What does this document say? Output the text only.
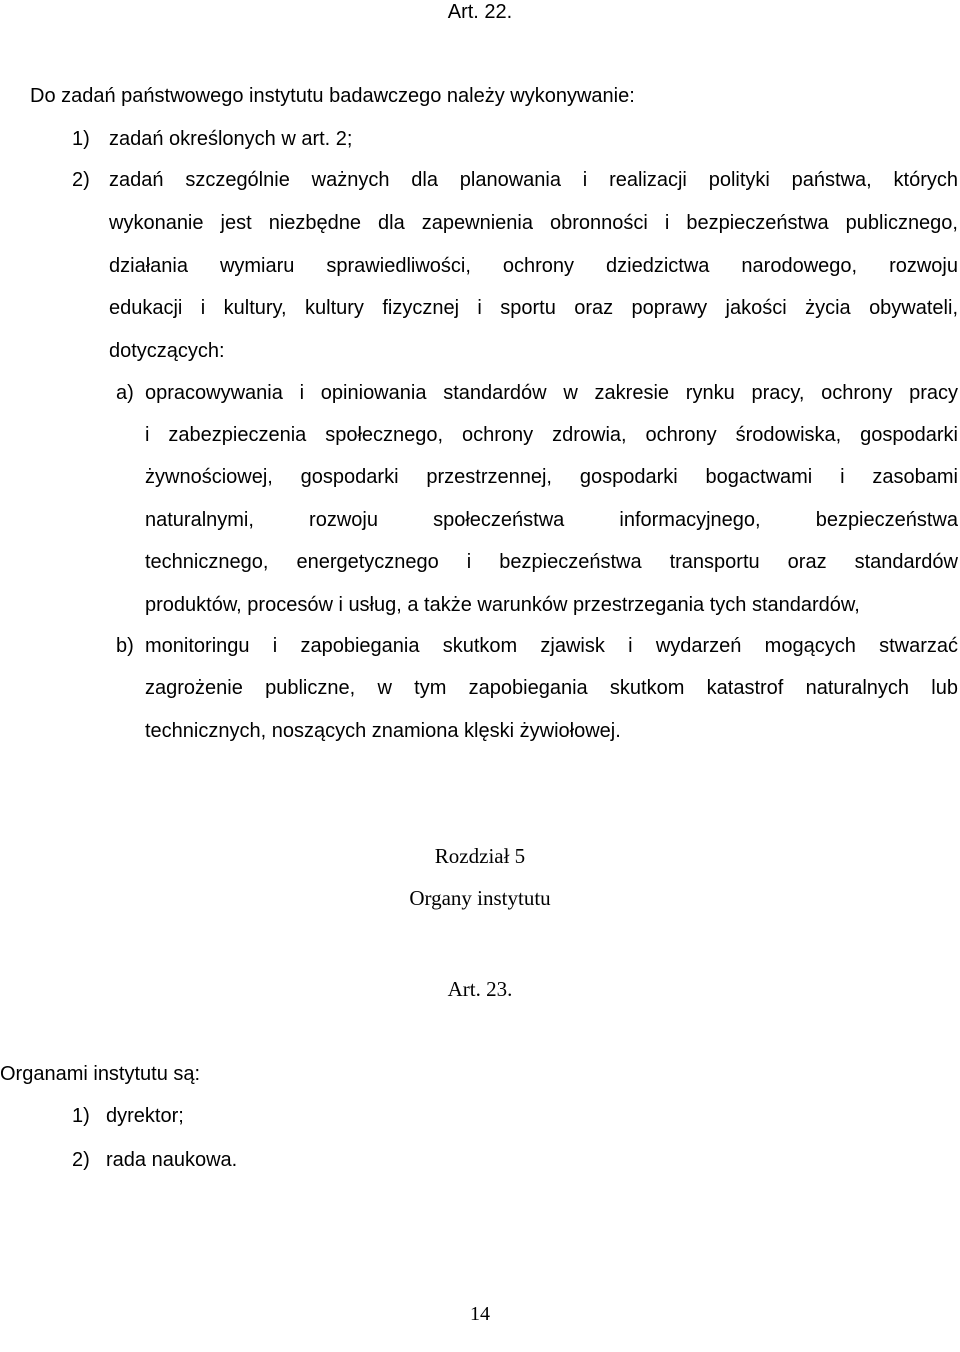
Art. 22.
Do zadań państwowego instytutu badawczego należy wykonywanie:
1) zadań określonych w art. 2;
2) zadań szczególnie ważnych dla planowania i realizacji polityki państwa, których
wykonanie jest niezbędne dla zapewnienia obronności i bezpieczeństwa publicznego,
działania wymiaru sprawiedliwości, ochrony dziedzictwa narodowego, rozwoju
edukacji i kultury, kultury fizycznej i sportu oraz poprawy jakości życia obywateli,
dotyczących:
a) opracowywania i opiniowania standardów w zakresie rynku pracy, ochrony pracy
i zabezpieczenia społecznego, ochrony zdrowia, ochrony środowiska, gospodarki
żywnościowej, gospodarki przestrzennej, gospodarki bogactwami i zasobami
naturalnymi, rozwoju społeczeństwa informacyjnego, bezpieczeństwa
technicznego, energetycznego i bezpieczeństwa transportu oraz standardów
produktów, procesów i usług, a także warunków przestrzegania tych standardów,
b) monitoringu i zapobiegania skutkom zjawisk i wydarzeń mogących stwarzać
zagrożenie publiczne, w tym zapobiegania skutkom katastrof naturalnych lub
technicznych, noszących znamiona klęski żywiołowej.
Rozdział 5
Organy instytutu
Art. 23.
Organami instytutu są:
1) dyrektor;
2) rada naukowa.
14
